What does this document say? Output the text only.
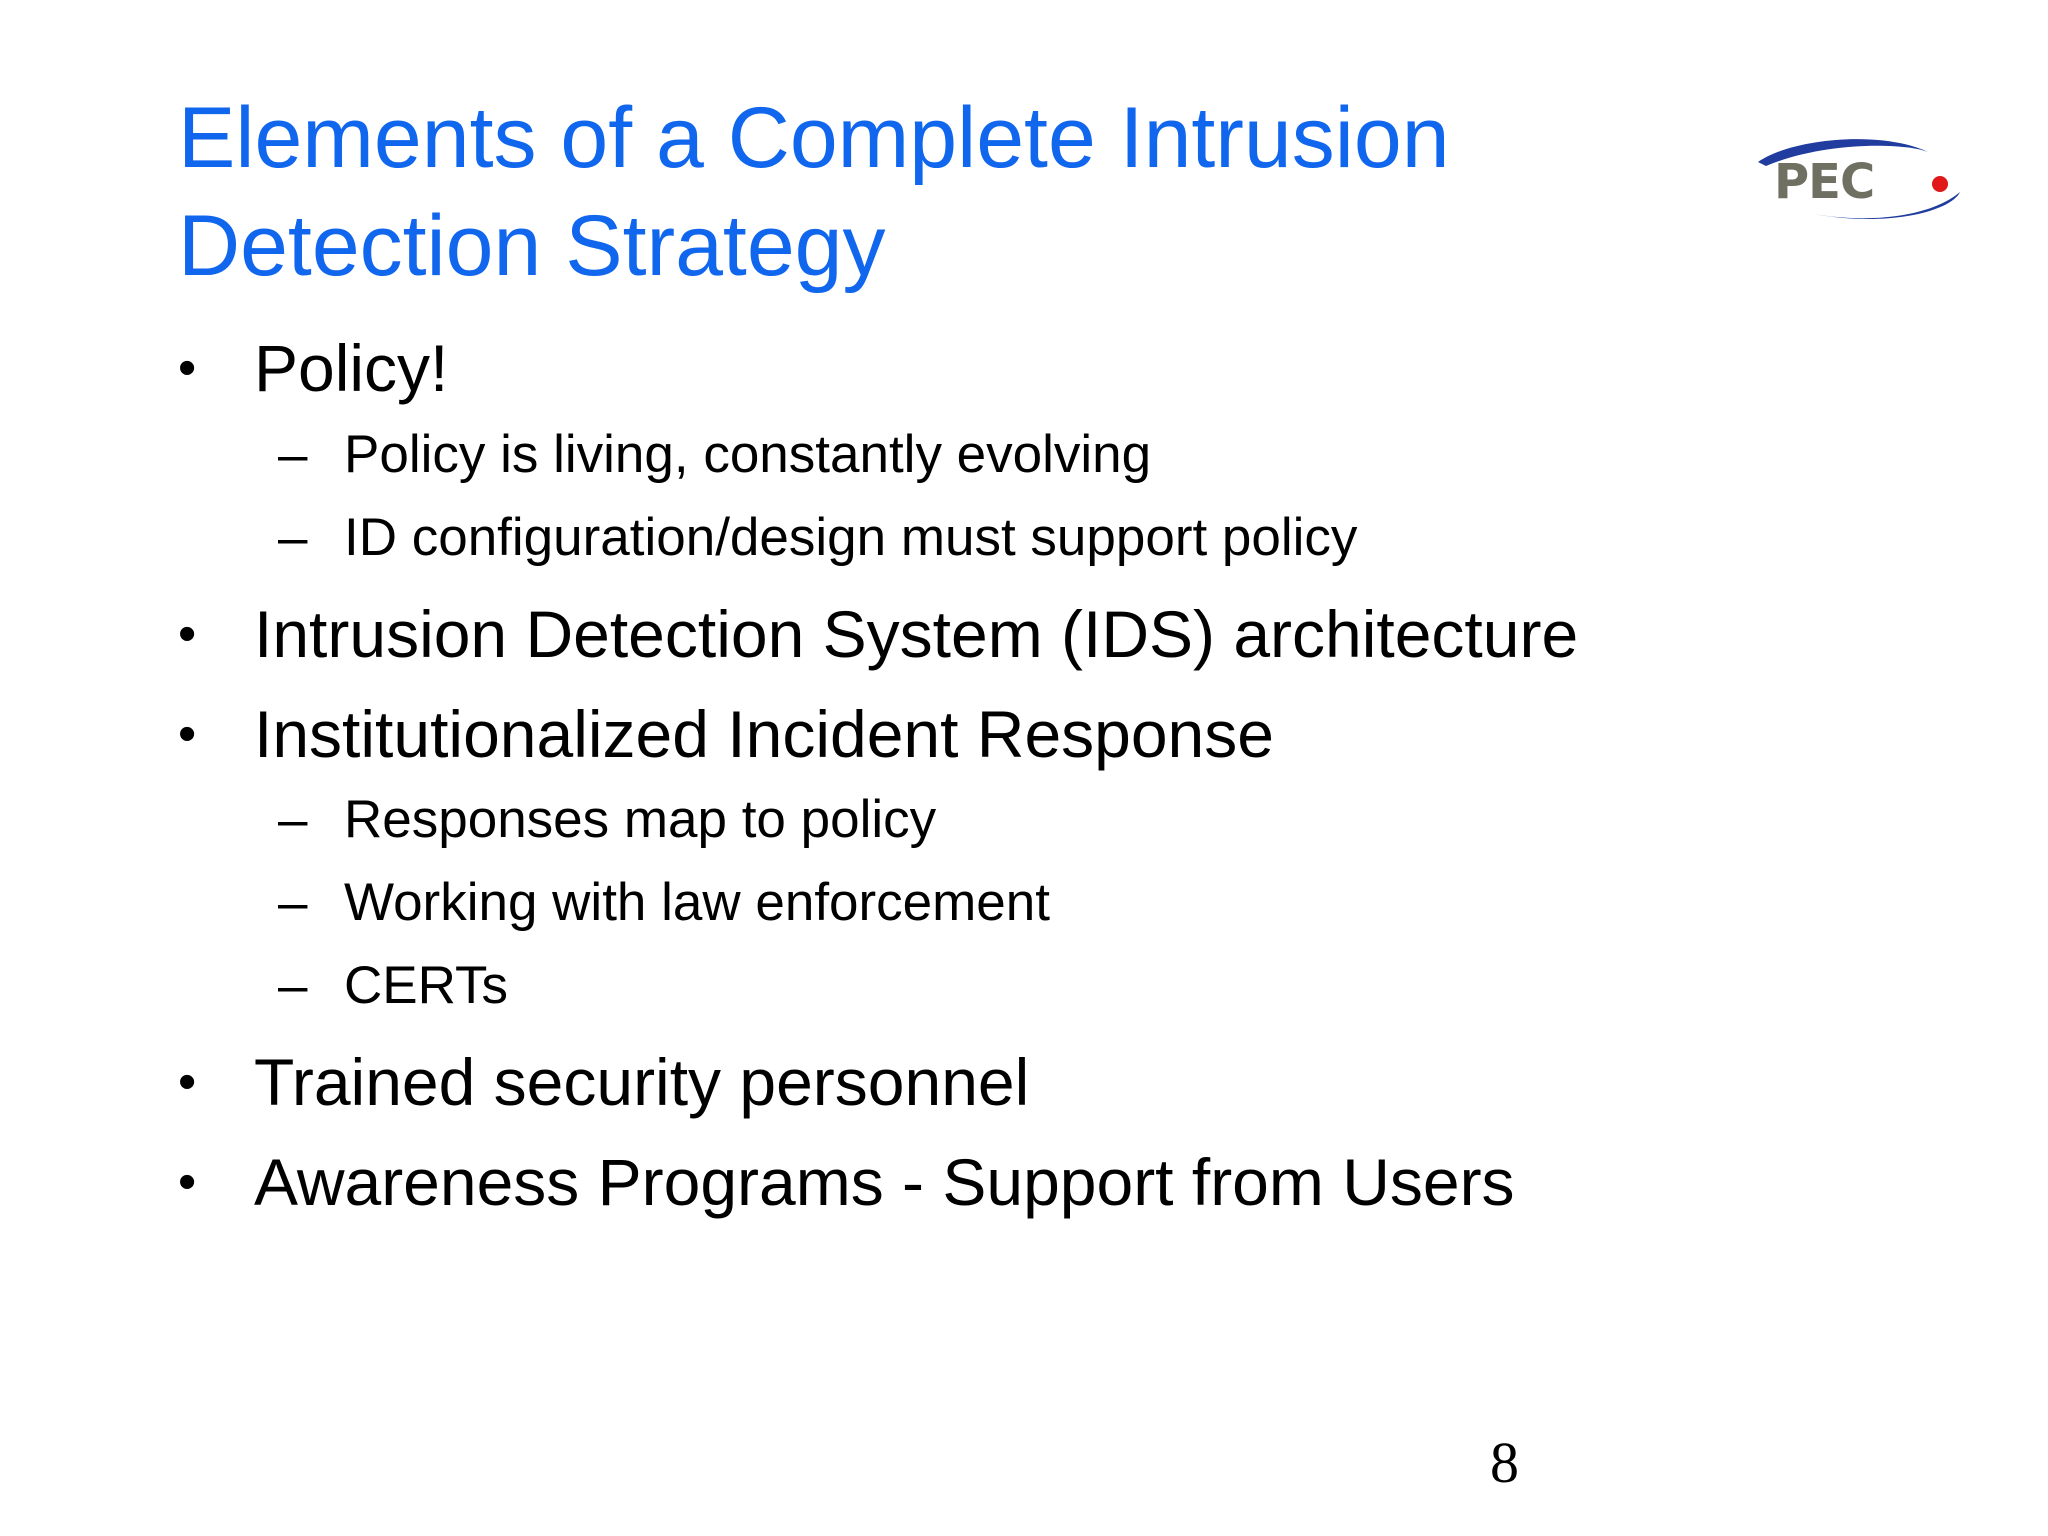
Elements of a Complete Intrusion
Detection Strategy
PEC
• Policy!
– Policy is living, constantly evolving
– ID configuration/design must support policy
• Intrusion Detection System (IDS) architecture
• Institutionalized Incident Response
– Responses map to policy
– Working with law enforcement
– CERTs
• Trained security personnel
• Awareness Programs - Support from Users
8
